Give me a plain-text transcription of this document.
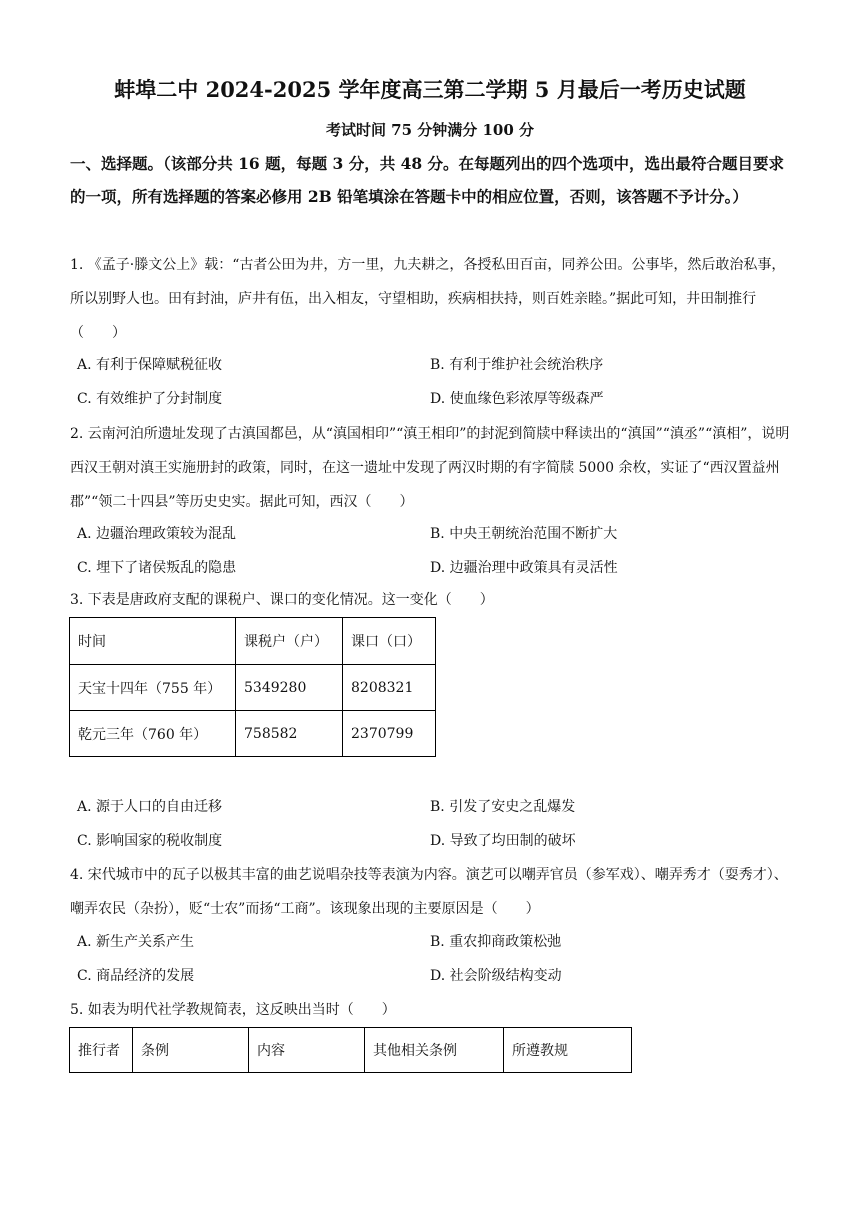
蚌埠二中 2024-2025 学年度高三第二学期 5 月最后一考历史试题
考试时间 75 分钟满分 100 分
一、选择题。（该部分共 16 题，每题 3 分，共 48 分。在每题列出的四个选项中，选出最符合题目要求的一项，所有选择题的答案必修用 2B 铅笔填涂在答题卡中的相应位置，否则，该答题不予计分。）
1. 《孟子·滕文公上》载：“古者公田为井，方一里，九夫耕之，各授私田百亩，同养公田。公事毕，然后敢治私事，所以别野人也。田有封油，庐井有伍，出入相友，守望相助，疾病相扶持，则百姓亲睦。”据此可知，井田制推行（　　）
A. 有利于保障赋税征收	B. 有利于维护社会统治秩序
C. 有效维护了分封制度	D. 使血缘色彩浓厚等级森严
2. 云南河泊所遗址发现了古滇国都邑，从“滇国相印”“滇王相印”的封泥到简牍中释读出的“滇国”“滇丞”“滇相”，说明西汉王朝对滇王实施册封的政策，同时，在这一遗址中发现了两汉时期的有字简牍 5000 余枚，实证了“西汉置益州郡”“领二十四县”等历史史实。据此可知，西汉（　　）
A. 边疆治理政策较为混乱	B. 中央王朝统治范围不断扩大
C. 埋下了诸侯叛乱的隐患	D. 边疆治理中政策具有灵活性
3. 下表是唐政府支配的课税户、课口的变化情况。这一变化（　　）
时间	课税户（户）	课口（口）
天宝十四年（755 年）	5349280	8208321
乾元三年（760 年）	758582	2370799
A. 源于人口的自由迁移	B. 引发了安史之乱爆发
C. 影响国家的税收制度	D. 导致了均田制的破坏
4. 宋代城市中的瓦子以极其丰富的曲艺说唱杂技等表演为内容。演艺可以嘲弄官员（参军戏）、嘲弄秀才（耍秀才）、嘲弄农民（杂扮），贬“士农”而扬“工商”。该现象出现的主要原因是（　　）
A. 新生产关系产生	B. 重农抑商政策松弛
C. 商品经济的发展	D. 社会阶级结构变动
5. 如表为明代社学教规简表，这反映出当时（　　）
推行者	条例	内容	其他相关条例	所遵教规
